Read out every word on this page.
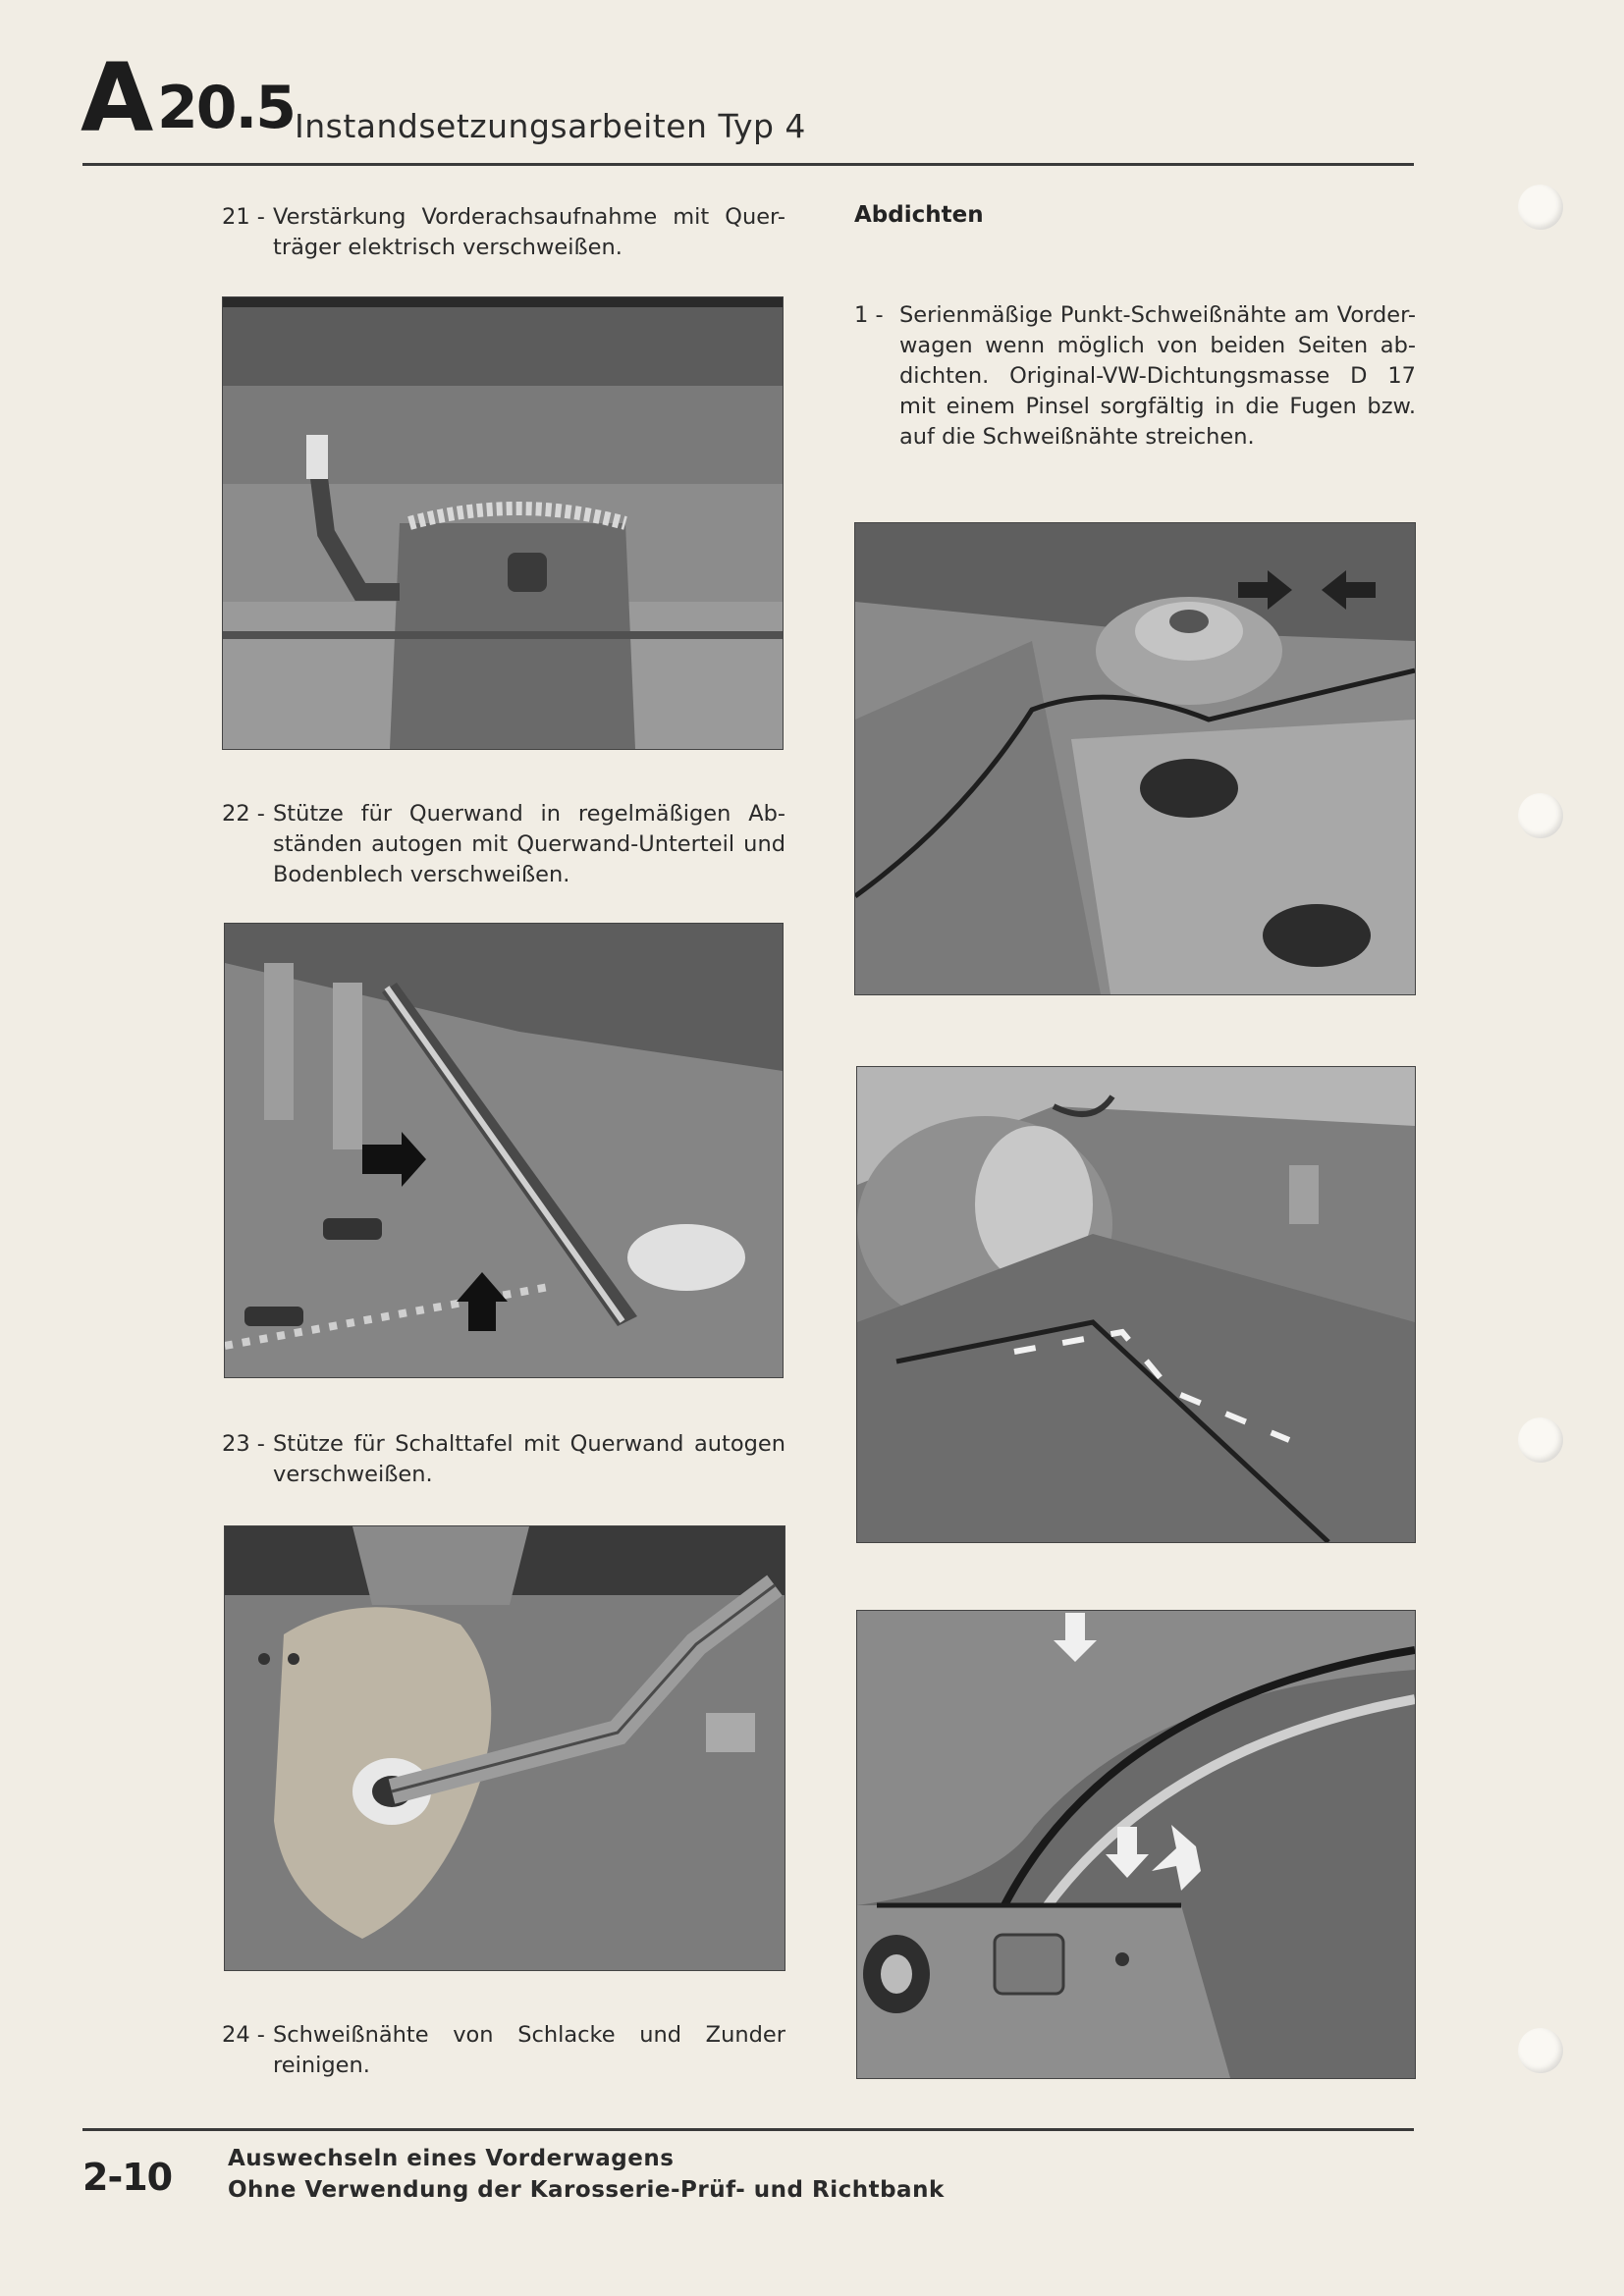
A 20.5 Instandsetzungsarbeiten Typ 4
21 - Verstärkung Vorderachsaufnahme mit Quer-träger elektrisch verschweißen.
22 - Stütze für Querwand in regelmäßigen Ab-ständen autogen mit Querwand-Unterteil und Bodenblech verschweißen.
23 - Stütze für Schalttafel mit Querwand autogen verschweißen.
24 - Schweißnähte von Schlacke und Zunder reinigen.
Abdichten
1 - Serienmäßige Punkt-Schweißnähte am Vorder-wagen wenn möglich von beiden Seiten ab-dichten. Original-VW-Dichtungsmasse D 17 mit einem Pinsel sorgfältig in die Fugen bzw. auf die Schweißnähte streichen.
2-10 Auswechseln eines Vorderwagens
Ohne Verwendung der Karosserie-Prüf- und Richtbank
